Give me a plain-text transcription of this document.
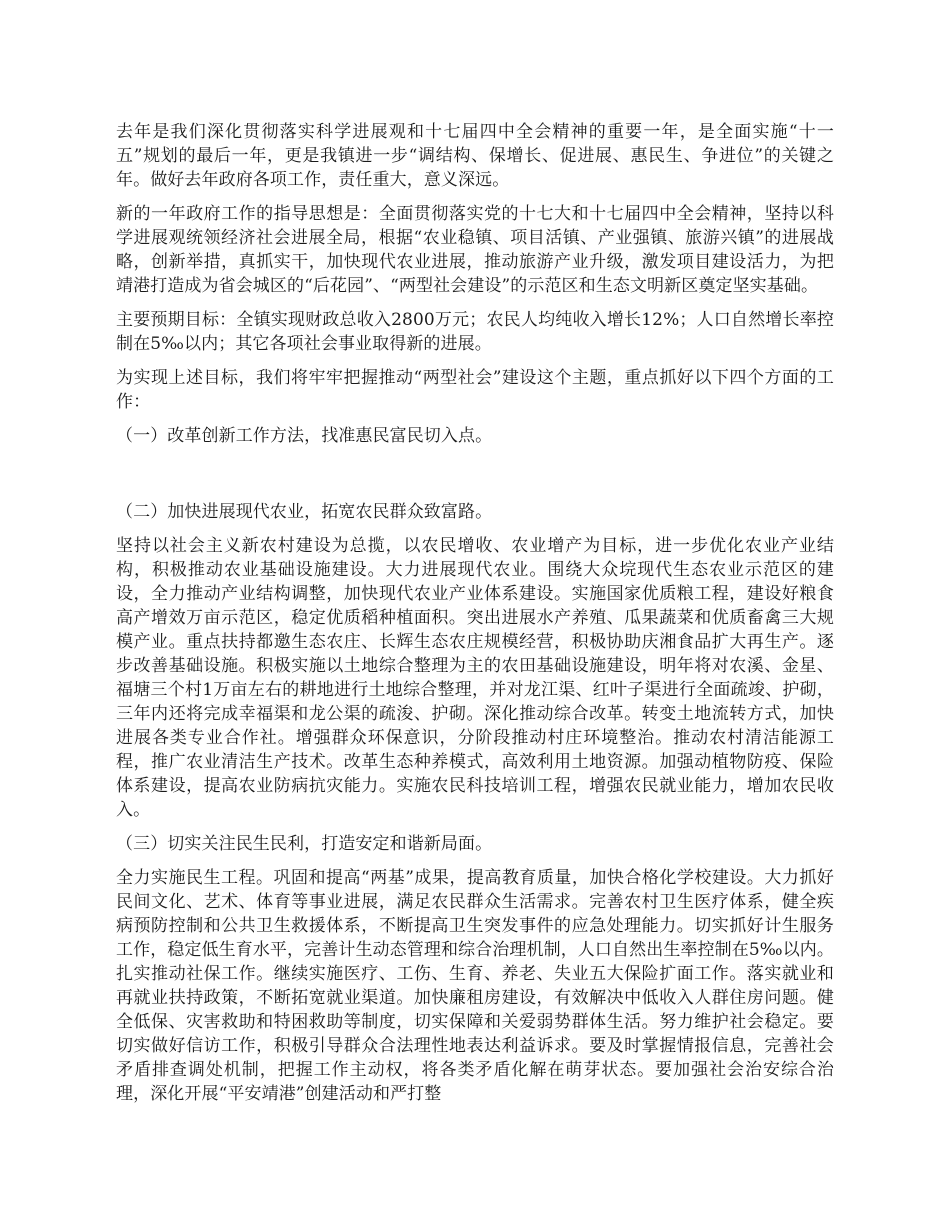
去年是我们深化贯彻落实科学进展观和十七届四中全会精神的重要一年，是全面实施“十一五”规划的最后一年，更是我镇进一步“调结构、保增长、促进展、惠民生、争进位”的关键之年。做好去年政府各项工作，责任重大，意义深远。

新的一年政府工作的指导思想是：全面贯彻落实党的十七大和十七届四中全会精神，坚持以科学进展观统领经济社会进展全局，根据“农业稳镇、项目活镇、产业强镇、旅游兴镇”的进展战略，创新举措，真抓实干，加快现代农业进展，推动旅游产业升级，激发项目建设活力，为把靖港打造成为省会城区的“后花园”、“两型社会建设”的示范区和生态文明新区奠定坚实基础。

主要预期目标：全镇实现财政总收入2800万元；农民人均纯收入增长12%；人口自然增长率控制在5‰以内；其它各项社会事业取得新的进展。

为实现上述目标，我们将牢牢把握推动“两型社会”建设这个主题，重点抓好以下四个方面的工作：

（一）改革创新工作方法，找准惠民富民切入点。

（二）加快进展现代农业，拓宽农民群众致富路。

坚持以社会主义新农村建设为总揽，以农民增收、农业增产为目标，进一步优化农业产业结构，积极推动农业基础设施建设。大力进展现代农业。围绕大众垸现代生态农业示范区的建设，全力推动产业结构调整，加快现代农业产业体系建设。实施国家优质粮工程，建设好粮食高产增效万亩示范区，稳定优质稻种植面积。突出进展水产养殖、瓜果蔬菜和优质畜禽三大规模产业。重点扶持都邀生态农庄、长辉生态农庄规模经营，积极协助庆湘食品扩大再生产。逐步改善基础设施。积极实施以土地综合整理为主的农田基础设施建设，明年将对农溪、金星、福塘三个村1万亩左右的耕地进行土地综合整理，并对龙江渠、红叶子渠进行全面疏竣、护砌，三年内还将完成幸福渠和龙公渠的疏浚、护砌。深化推动综合改革。转变土地流转方式，加快进展各类专业合作社。增强群众环保意识，分阶段推动村庄环境整治。推动农村清洁能源工程，推广农业清洁生产技术。改革生态种养模式，高效利用土地资源。加强动植物防疫、保险体系建设，提高农业防病抗灾能力。实施农民科技培训工程，增强农民就业能力，增加农民收入。

（三）切实关注民生民利，打造安定和谐新局面。

全力实施民生工程。巩固和提高“两基”成果，提高教育质量，加快合格化学校建设。大力抓好民间文化、艺术、体育等事业进展，满足农民群众生活需求。完善农村卫生医疗体系，健全疾病预防控制和公共卫生救援体系，不断提高卫生突发事件的应急处理能力。切实抓好计生服务工作，稳定低生育水平，完善计生动态管理和综合治理机制，人口自然出生率控制在5‰以内。扎实推动社保工作。继续实施医疗、工伤、生育、养老、失业五大保险扩面工作。落实就业和再就业扶持政策，不断拓宽就业渠道。加快廉租房建设，有效解决中低收入人群住房问题。健全低保、灾害救助和特困救助等制度，切实保障和关爱弱势群体生活。努力维护社会稳定。要切实做好信访工作，积极引导群众合法理性地表达利益诉求。要及时掌握情报信息，完善社会矛盾排查调处机制，把握工作主动权，将各类矛盾化解在萌芽状态。要加强社会治安综合治理，深化开展“平安靖港”创建活动和严打整
